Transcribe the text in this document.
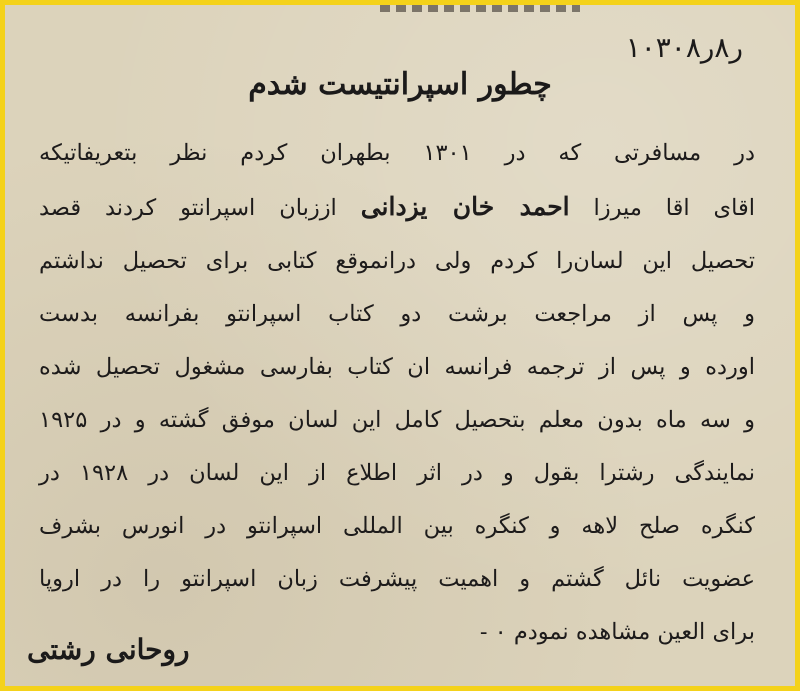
۱۰ر۸ر۳۰۸
چطور اسپرانتیست شدم
در مسافرتی که در ۱۳۰۱ بطهران کردم نظر بتعریفاتیکه
اقای اقا میرزا احمد خان یزدانی اززبان اسپرانتو کردند قصد
تحصیل این لسان‌را کردم ولی درانموقع کتابی برای تحصیل نداشتم
و پس از مراجعت برشت دو کتاب اسپرانتو بفرانسه بدست
اورده و پس از ترجمه فرانسه ان کتاب بفارسی مشغول تحصیل شده
و سه ماه بدون معلم بتحصیل کامل این لسان موفق گشته و در ۱۹۲۵
نمایندگی رشترا بقول و در اثر اطلاع از این لسان در ۱۹۲۸ در
کنگره صلح لاهه و کنگره بین المللی اسپرانتو در انورس بشرف
عضویت نائل گشتم و اهمیت پیشرفت زبان اسپرانتو را در اروپا
برای العین مشاهده نمودم ۰ -
روحانی رشتی
